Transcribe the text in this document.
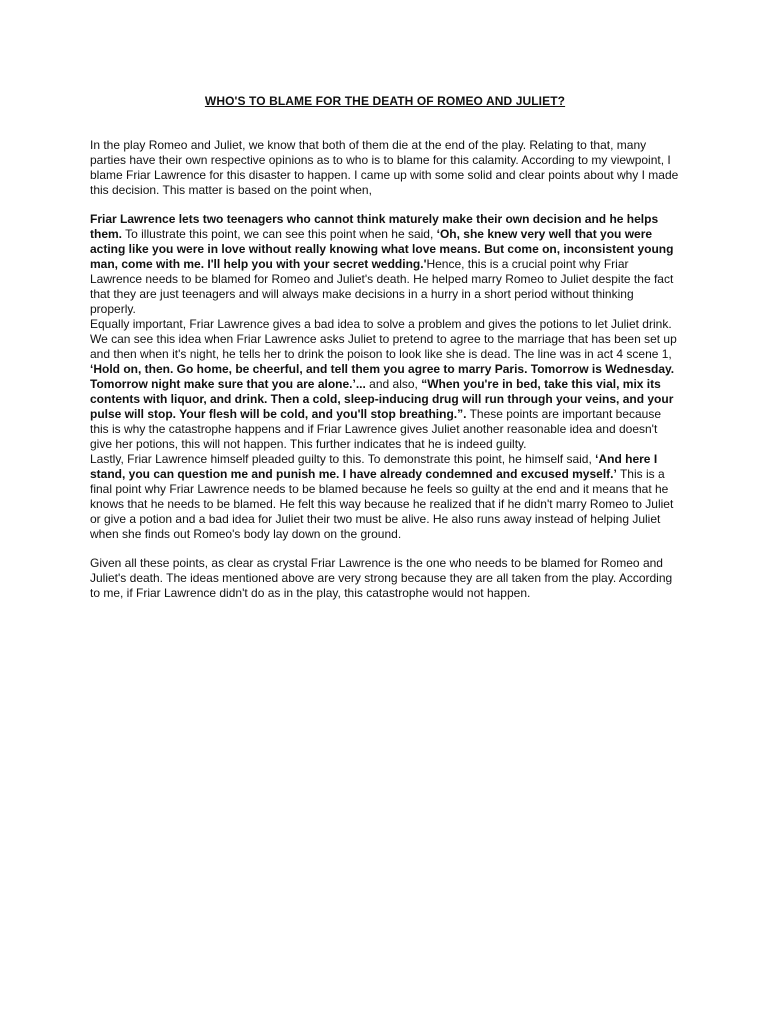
WHO'S TO BLAME FOR THE DEATH OF ROMEO AND JULIET?

In the play Romeo and Juliet, we know that both of them die at the end of the play. Relating to that, many parties have their own respective opinions as to who is to blame for this calamity. According to my viewpoint, I blame Friar Lawrence for this disaster to happen. I came up with some solid and clear points about why I made this decision. This matter is based on the point when,

Friar Lawrence lets two teenagers who cannot think maturely make their own decision and he helps them. To illustrate this point, we can see this point when he said, ‘Oh, she knew very well that you were acting like you were in love without really knowing what love means. But come on, inconsistent young man, come with me. I'll help you with your secret wedding.'Hence, this is a crucial point why Friar Lawrence needs to be blamed for Romeo and Juliet's death. He helped marry Romeo to Juliet despite the fact that they are just teenagers and will always make decisions in a hurry in a short period without thinking properly.

Equally important, Friar Lawrence gives a bad idea to solve a problem and gives the potions to let Juliet drink. We can see this idea when Friar Lawrence asks Juliet to pretend to agree to the marriage that has been set up and then when it's night, he tells her to drink the poison to look like she is dead. The line was in act 4 scene 1, ‘Hold on, then. Go home, be cheerful, and tell them you agree to marry Paris. Tomorrow is Wednesday. Tomorrow night make sure that you are alone.’... and also, “When you're in bed, take this vial, mix its contents with liquor, and drink. Then a cold, sleep-inducing drug will run through your veins, and your pulse will stop. Your flesh will be cold, and you'll stop breathing.”. These points are important because this is why the catastrophe happens and if Friar Lawrence gives Juliet another reasonable idea and doesn't give her potions, this will not happen. This further indicates that he is indeed guilty.

Lastly, Friar Lawrence himself pleaded guilty to this. To demonstrate this point, he himself said, ‘And here I stand, you can question me and punish me. I have already condemned and excused myself.’ This is a final point why Friar Lawrence needs to be blamed because he feels so guilty at the end and it means that he knows that he needs to be blamed. He felt this way because he realized that if he didn't marry Romeo to Juliet or give a potion and a bad idea for Juliet their two must be alive. He also runs away instead of helping Juliet when she finds out Romeo's body lay down on the ground.

Given all these points, as clear as crystal Friar Lawrence is the one who needs to be blamed for Romeo and Juliet's death. The ideas mentioned above are very strong because they are all taken from the play. According to me, if Friar Lawrence didn't do as in the play, this catastrophe would not happen.
